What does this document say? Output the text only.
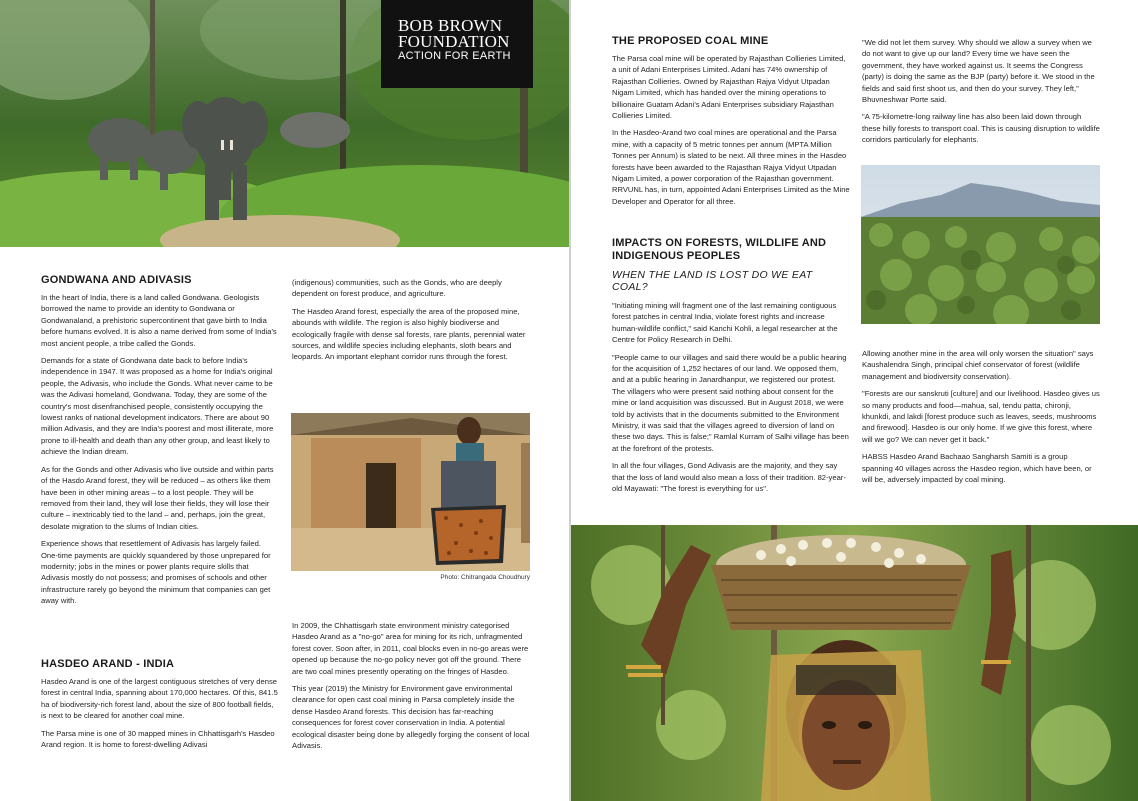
BOB BROWN
FOUNDATION
ACTION FOR EARTH
GONDWANA AND ADIVASIS

In the heart of India, there is a land called Gondwana. Geologists borrowed the name to provide an identity to Gondwana or Gondwanaland, a prehistoric supercontinent that gave birth to India before humans evolved. It is also a name derived from some of India's most ancient people, a tribe called the Gonds.

Demands for a state of Gondwana date back to before India's independence in 1947. It was proposed as a home for India's original people, the Adivasis, who include the Gonds. What never came to be was the Adivasi homeland, Gondwana. Today, they are some of the country's most disenfranchised people, consistently occupying the lowest ranks of national development indicators. There are about 90 million Adivasis, and they are India's poorest and most illiterate, more prone to ill-health and death than any other group, and least likely to achieve the Indian dream.

As for the Gonds and other Adivasis who live outside and within parts of the Hasdo Arand forest, they will be reduced – as others like them have been in other mining areas – to a lost people. They will be removed from their land, they will lose their fields, they will lose their culture – inextricably tied to the land – and, perhaps, join the great, desolate migration to the slums of Indian cities.

Experience shows that resettlement of Adivasis has largely failed. One-time payments are quickly squandered by those unprepared for modernity; jobs in the mines or power plants require skills that Adivasis mostly do not possess; and promises of schools and other infrastructure rarely go beyond the minimum that companies can get away with.

HASDEO ARAND - INDIA

Hasdeo Arand is one of the largest contiguous stretches of very dense forest in central India, spanning about 170,000 hectares. Of this, 841.5 ha of biodiversity-rich forest land, about the size of 800 football fields, is next to be cleared for another coal mine.

The Parsa mine is one of 30 mapped mines in Chhattisgarh's Hasdeo Arand region. It is home to forest-dwelling Adivasi

(indigenous) communities, such as the Gonds, who are deeply dependent on forest produce, and agriculture.

The Hasdeo Arand forest, especially the area of the proposed mine, abounds with wildlife. The region is also highly biodiverse and ecologically fragile with dense sal forests, rare plants, perennial water sources, and wildlife species including elephants, sloth bears and leopards. An important elephant corridor runs through the forest.

Photo: Chitrangada Choudhury

In 2009, the Chhattisgarh state environment ministry categorised Hasdeo Arand as a "no-go" area for mining for its rich, unfragmented forest cover. Soon after, in 2011, coal blocks even in no-go areas were opened up because the no-go policy never got off the ground. There are two coal mines presently operating on the fringes of Hasdeo.

This year (2019) the Ministry for Environment gave environmental clearance for open cast coal mining in Parsa completely inside the dense Hasdeo Arand forests. This decision has far-reaching consequences for forest cover conservation in India. A potential ecological disaster being done by allegedly forging the consent of local Adivasis.

THE PROPOSED COAL MINE

The Parsa coal mine will be operated by Rajasthan Collieries Limited, a unit of Adani Enterprises Limited. Adani has 74% ownership of Rajasthan Collieries. Owned by Rajasthan Rajya Vidyut Utpadan Nigam Limited, which has handed over the mining operations to billionaire Guatam Adani's Adani Enterprises subsidiary Rajasthan Collieries Limited.

In the Hasdeo-Arand two coal mines are operational and the Parsa mine, with a capacity of 5 metric tonnes per annum (MPTA Million Tonnes per Annum) is slated to be next. All three mines in the Hasdeo forests have been awarded to the Rajasthan Rajya Vidyut Utpadan Nigam Limited, a power corporation of the Rajasthan government. RRVUNL has, in turn, appointed Adani Enterprises Limited as the Mine Developer and Operator for all three.

IMPACTS ON FORESTS, WILDLIFE AND INDIGENOUS PEOPLES
WHEN THE LAND IS LOST DO WE EAT COAL?

"Initiating mining will fragment one of the last remaining contiguous forest patches in central India, violate forest rights and increase human-wildlife conflict," said Kanchi Kohli, a legal researcher at the Centre for Policy Research in Delhi.

"People came to our villages and said there would be a public hearing for the acquisition of 1,252 hectares of our land. We opposed them, and at a public hearing in Janardhanpur, we registered our protest. The villagers who were present said nothing about consent for the mine or land acquisition was discussed. But in August 2018, we were told by activists that in the documents submitted to the Environment Ministry, it was said that the villages agreed to diversion of land on these two days. This is false;" Ramlal Kurram of Salhi village has been at the forefront of the protests.

In all the four villages, Gond Adivasis are the majority, and they say that the loss of land would also mean a loss of their tradition. 82-year-old Mayawati: "The forest is everything for us".

"We did not let them survey. Why should we allow a survey when we do not want to give up our land? Every time we have seen the government, they have worked against us. It seems the Congress (party) is doing the same as the BJP (party) before it. We stood in the fields and said first shoot us, and then do your survey. They left," Bhuvneshwar Porte said.

"A 75-kilometre-long railway line has also been laid down through these hilly forests to transport coal. This is causing disruption to wildlife corridors particularly for elephants.

Allowing another mine in the area will only worsen the situation" says Kaushalendra Singh, principal chief conservator of forest (wildlife management and biodiversity conservation).

"Forests are our sanskruti [culture] and our livelihood. Hasdeo gives us so many products and food—mahua, sal, tendu patta, chironji, khunkdi, and lakdi [forest produce such as leaves, seeds, mushrooms and firewood]. Hasdeo is our only home. If we give this forest, where will we go? We can never get it back."

HABSS Hasdeo Arand Bachaao Sangharsh Samiti is a group spanning 40 villages across the Hasdeo region, which have been, or will be, adversely impacted by coal mining.
